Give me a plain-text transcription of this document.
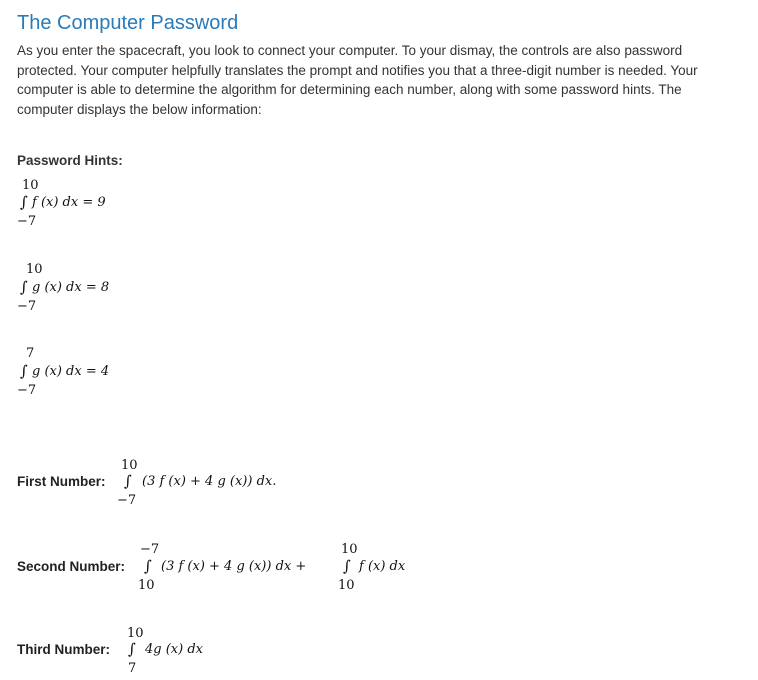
The Computer Password

As you enter the spacecraft, you look to connect your computer. To your dismay, the controls are also password protected. Your computer helpfully translates the prompt and notifies you that a three-digit number is needed. Your computer is able to determine the algorithm for determining each number, along with some password hints. The computer displays the below information:

Password Hints:
10
∫ f (x) dx = 9
−7
10
∫ g (x) dx = 8
−7
7
∫ g (x) dx = 4
−7
First Number:
10
∫ (3 f (x) + 4 g (x)) dx.
−7
Second Number:
−7
∫ (3 f (x) + 4 g (x)) dx +
10
10
∫ f (x) dx
10
Third Number:
10
∫ 4g (x) dx
7
